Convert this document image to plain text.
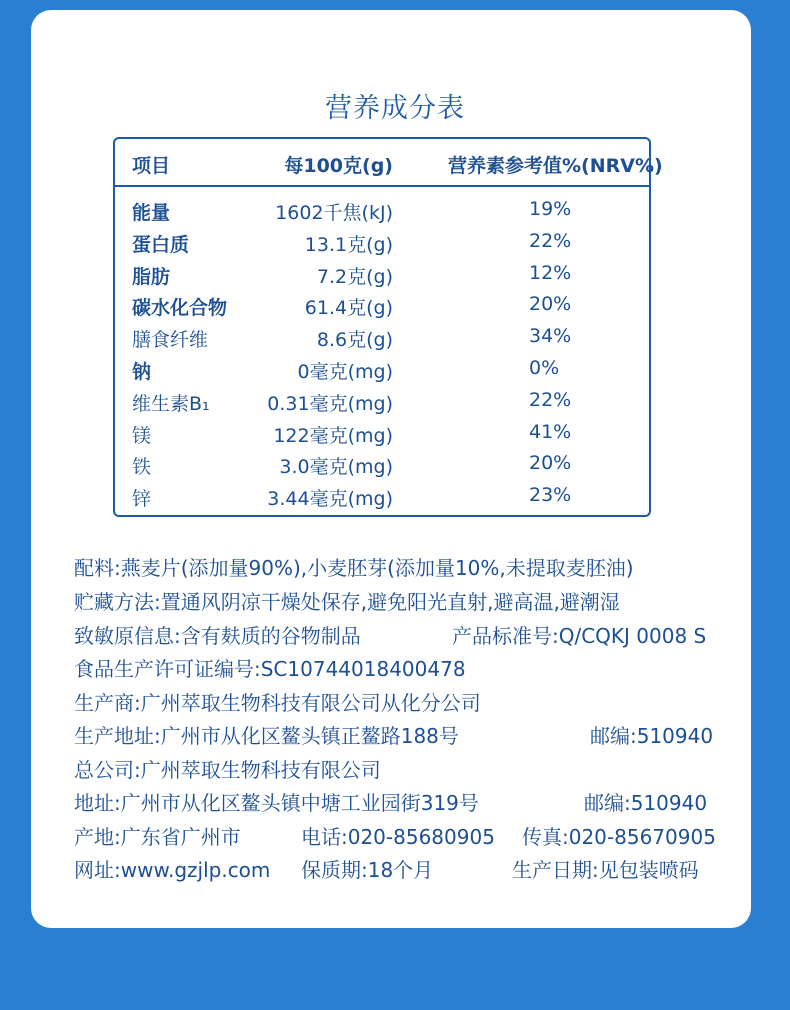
营养成分表
项目	每100克(g)	营养素参考值%(NRV%)
能量	1602千焦(kJ)	19%
蛋白质	13.1克(g)	22%
脂肪	7.2克(g)	12%
碳水化合物	61.4克(g)	20%
膳食纤维	8.6克(g)	34%
钠	0毫克(mg)	0%
维生素B₁	0.31毫克(mg)	22%
镁	122毫克(mg)	41%
铁	3.0毫克(mg)	20%
锌	3.44毫克(mg)	23%
配料:燕麦片(添加量90%),小麦胚芽(添加量10%,未提取麦胚油)
贮藏方法:置通风阴凉干燥处保存,避免阳光直射,避高温,避潮湿
致敏原信息:含有麸质的谷物制品	产品标准号:Q/CQKJ 0008 S
食品生产许可证编号:SC10744018400478
生产商:广州萃取生物科技有限公司从化分公司
生产地址:广州市从化区鳌头镇正鳌路188号	邮编:510940
总公司:广州萃取生物科技有限公司
地址:广州市从化区鳌头镇中塘工业园街319号	邮编:510940
产地:广东省广州市	电话:020-85680905 传真:020-85670905
网址:www.gzjlp.com 保质期:18个月	生产日期:见包装喷码
